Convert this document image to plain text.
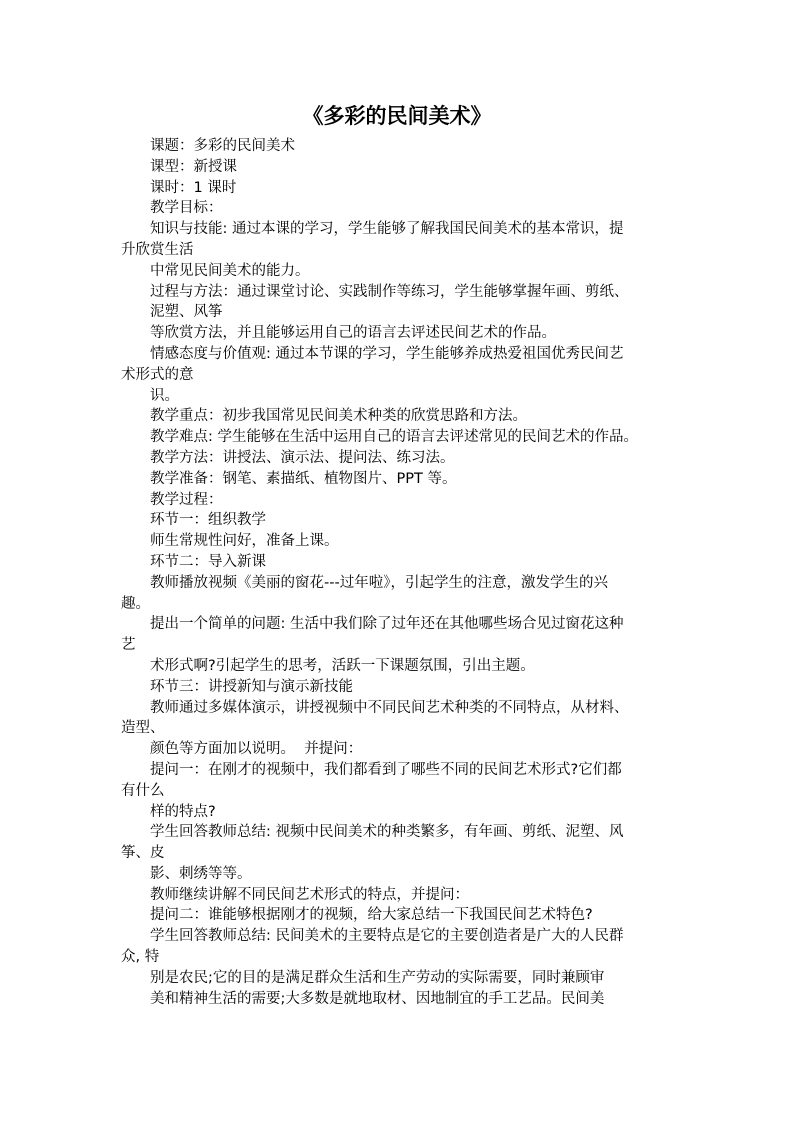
《多彩的民间美术》
课题：多彩的民间美术
课型：新授课
课时：1 课时
教学目标：
知识与技能: 通过本课的学习，学生能够了解我国民间美术的基本常识，提
升欣赏生活
中常见民间美术的能力。
过程与方法：通过课堂讨论、实践制作等练习，学生能够掌握年画、剪纸、
泥塑、风筝
等欣赏方法，并且能够运用自己的语言去评述民间艺术的作品。
情感态度与价值观: 通过本节课的学习，学生能够养成热爱祖国优秀民间艺
术形式的意
识。
教学重点：初步我国常见民间美术种类的欣赏思路和方法。
教学难点: 学生能够在生活中运用自己的语言去评述常见的民间艺术的作品。
教学方法：讲授法、演示法、提问法、练习法。
教学准备：钢笔、素描纸、植物图片、PPT 等。
教学过程：
环节一：组织教学
师生常规性问好，准备上课。
环节二：导入新课
教师播放视频《美丽的窗花---过年啦》，引起学生的注意，激发学生的兴
趣。
提出一个简单的问题: 生活中我们除了过年还在其他哪些场合见过窗花这种
艺
术形式啊?引起学生的思考，活跃一下课题氛围，引出主题。
环节三：讲授新知与演示新技能
教师通过多媒体演示，讲授视频中不同民间艺术种类的不同特点，从材料、
造型、
颜色等方面加以说明。  并提问：
提问一：在刚才的视频中，我们都看到了哪些不同的民间艺术形式?它们都
有什么
样的特点?
学生回答教师总结: 视频中民间美术的种类繁多，有年画、剪纸、泥塑、风
筝、皮
影、刺绣等等。
教师继续讲解不同民间艺术形式的特点，并提问：
提问二：谁能够根据刚才的视频，给大家总结一下我国民间艺术特色?
学生回答教师总结: 民间美术的主要特点是它的主要创造者是广大的人民群
众, 特
别是农民;它的目的是满足群众生活和生产劳动的实际需要，同时兼顾审
美和精神生活的需要;大多数是就地取材、因地制宜的手工艺品。民间美
